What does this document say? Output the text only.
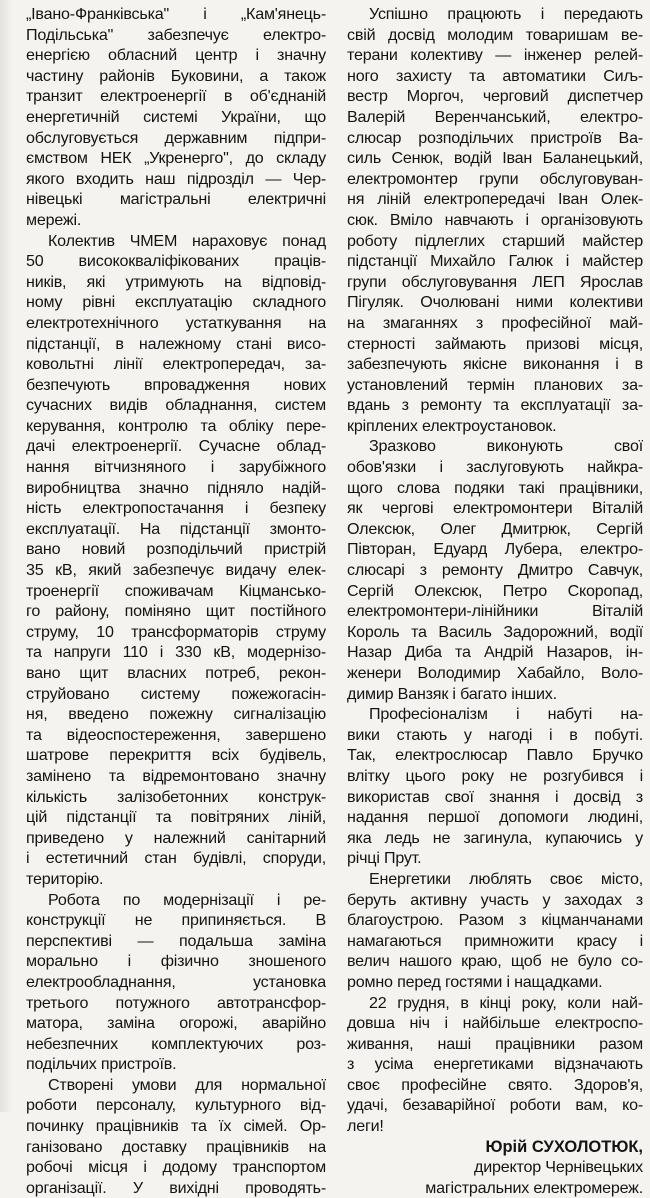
„Івано-Франківська" і „Кам'янець-
Подільська" забезпечує електро-
енергією обласний центр і значну
частину районів Буковини, а також
транзит електроенергії в об'єднаній
енергетичній системі України, що
обслуговується державним підпри-
ємством НЕК „Укренерго", до складу
якого входить наш підрозділ — Чер-
нівецькі магістральні електричні
мережі.
Колектив ЧМЕМ нараховує понад
50 висококваліфікованих праців-
ників, які утримують на відповід-
ному рівні експлуатацію складного
електротехнічного устаткування на
підстанції, в належному стані висо-
ковольтні лінії електропередач, за-
безпечують впровадження нових
сучасних видів обладнання, систем
керування, контролю та обліку пере-
дачі електроенергії. Сучасне облад-
нання вітчизняного і зарубіжного
виробництва значно підняло надій-
ність електропостачання і безпеку
експлуатації. На підстанції змонто-
вано новий розподільчий пристрій
35 кВ, який забезпечує видачу елек-
троенергії споживачам Кіцмансько-
го району, поміняно щит постійного
струму, 10 трансформаторів струму
та напруги 110 і 330 кВ, модернізо-
вано щит власних потреб, рекон-
струйовано систему пожежогасін-
ня, введено пожежну сигналізацію
та відеоспостереження, завершено
шатрове перекриття всіх будівель,
замінено та відремонтовано значну
кількість залізобетонних конструк-
цій підстанції та повітряних ліній,
приведено у належний санітарний
і естетичний стан будівлі, споруди,
територію.
Робота по модернізації і ре-
конструкції не припиняється. В
перспективі — подальша заміна
морально і фізично зношеного
електрообладнання, установка
третього потужного автотрансфор-
матора, заміна огорожі, аварійно
небезпечних комплектуючих роз-
подільчих пристроїв.
Створені умови для нормальної
роботи персоналу, культурного від-
починку працівників та їх сімей. Ор-
ганізовано доставку працівників на
робочі місця і додому транспортом
організації. У вихідні проводять-
Успішно працюють і передають
свій досвід молодим товаришам ве-
терани колективу — інженер релей-
ного захисту та автоматики Сиљ-
вестр Моргоч, черговий диспетчер
Валерій Веренчанський, електро-
слюсар розподільчих пристроїв Ва-
силь Сенюк, водій Іван Баланецький,
електромонтер групи обслуговуван-
ня ліній електропередачі Іван Олек-
сюк. Вміло навчають і організовують
роботу підлеглих старший майстер
підстанції Михайло Галюк і майстер
групи обслуговування ЛЕП Ярослав
Пігуляк. Очолювані ними колективи
на змаганнях з професійної май-
стерності займають призові місця,
забезпечують якісне виконання і в
установлений термін планових за-
вдань з ремонту та експлуатації за-
кріплених електроустановок.
Зразково виконують свої
обов'язки і заслуговують найкра-
щого слова подяки такі працівники,
як чергові електромонтери Віталій
Олексюк, Олег Дмитрюк, Сергій
Півторан, Едуард Лубера, електро-
слюсарі з ремонту Дмитро Савчук,
Сергій Олексюк, Петро Скоропад,
електромонтери-лінійники Віталій
Король та Василь Задорожний, водії
Назар Диба та Андрій Назаров, ін-
женери Володимир Хабайло, Воло-
димир Ванзяк і багато інших.
Професіоналізм і набуті на-
вики стають у нагоді і в побуті.
Так, електрослюсар Павло Бручко
влітку цього року не розгубився і
використав свої знання і досвід з
надання першої допомоги людині,
яка ледь не загинула, купаючись у
річці Прут.
Енергетики люблять своє місто,
беруть активну участь у заходах з
благоустрою. Разом з кіцманчанами
намагаються примножити красу і
велич нашого краю, щоб не було со-
ромно перед гостями і нащадками.
22 грудня, в кінці року, коли най-
довша ніч і найбільше електроспо-
живання, наші працівники разом
з усіма енергетиками відзначають
своє професійне свято. Здоров'я,
удачі, безаварійної роботи вам, ко-
леги!
Юрій СУХОЛОТЮК,
директор Чернівецьких
магістральних електромереж.
